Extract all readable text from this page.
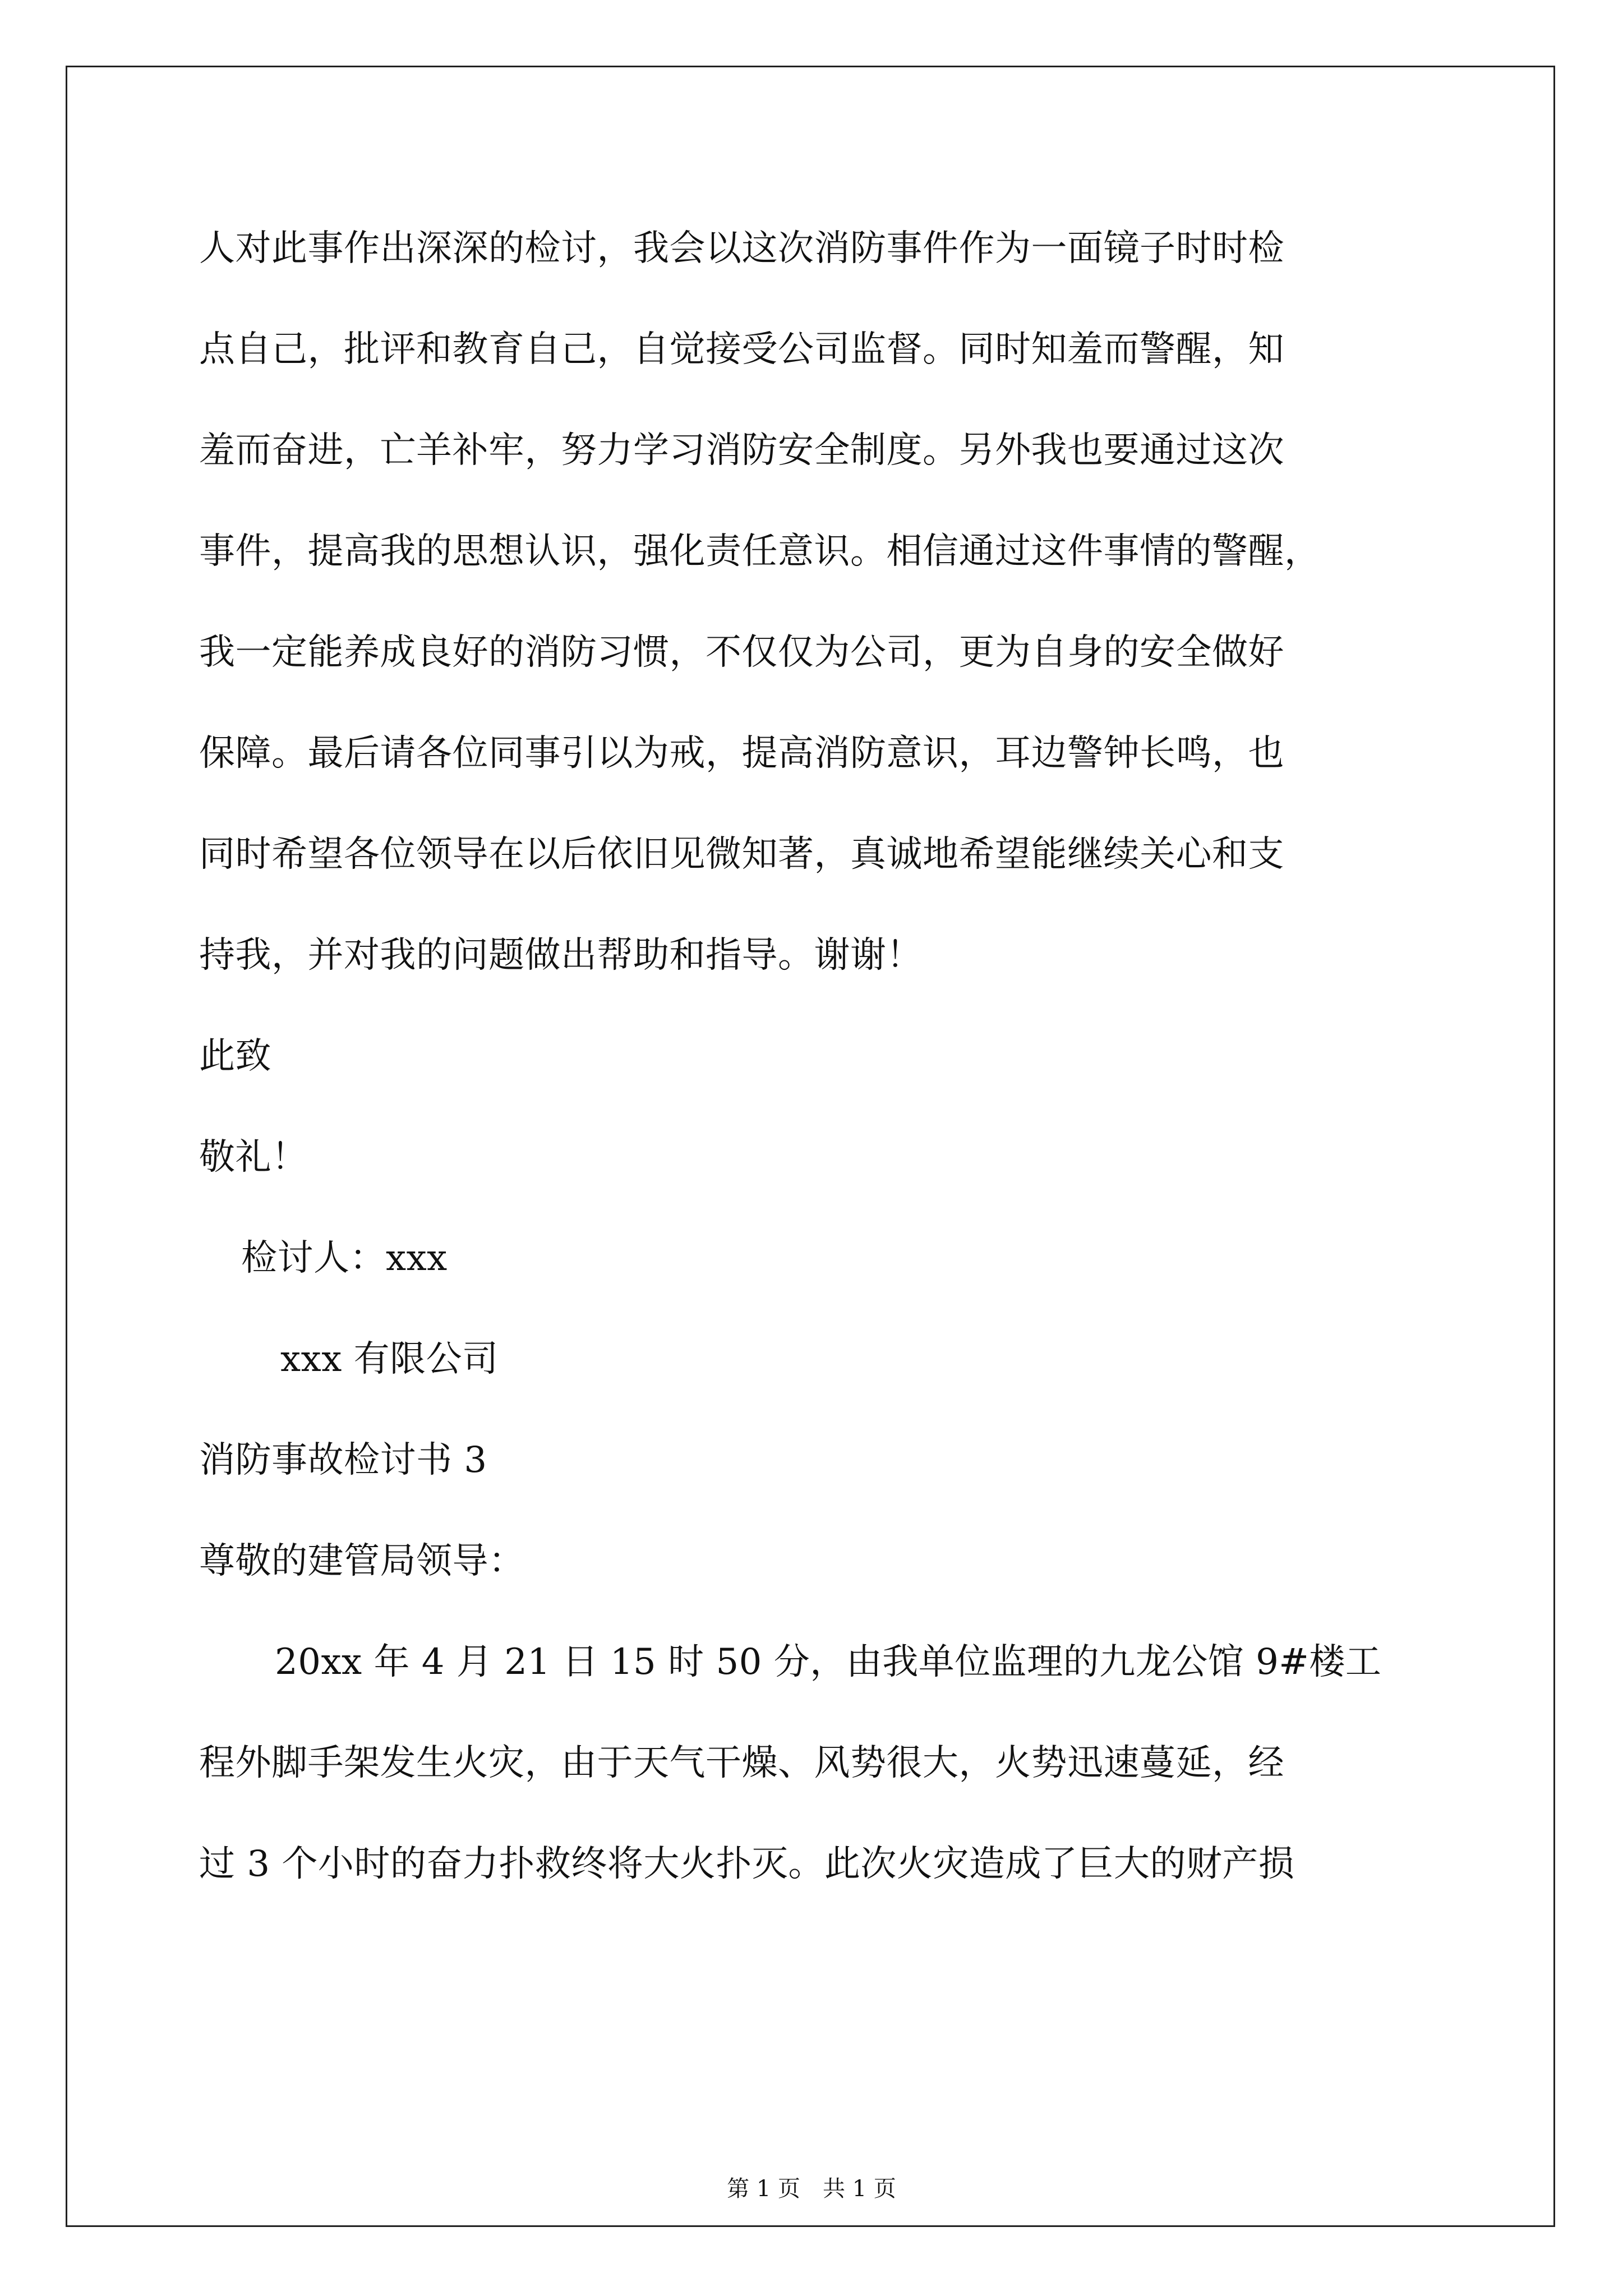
人对此事作出深深的检讨，我会以这次消防事件作为一面镜子时时检
点自己，批评和教育自己，自觉接受公司监督。同时知羞而警醒，知
羞而奋进，亡羊补牢，努力学习消防安全制度。另外我也要通过这次
事件，提高我的思想认识，强化责任意识。相信通过这件事情的警醒，
我一定能养成良好的消防习惯，不仅仅为公司，更为自身的安全做好
保障。最后请各位同事引以为戒，提高消防意识，耳边警钟长鸣，也
同时希望各位领导在以后依旧见微知著，真诚地希望能继续关心和支
持我，并对我的问题做出帮助和指导。谢谢！
此致
敬礼！
检讨人：xxx
xxx 有限公司
消防事故检讨书 3
尊敬的建管局领导：
20xx 年 4 月 21 日 15 时 50 分，由我单位监理的九龙公馆 9#楼工
程外脚手架发生火灾，由于天气干燥、风势很大，火势迅速蔓延，经
过 3 个小时的奋力扑救终将大火扑灭。此次火灾造成了巨大的财产损
第 1 页　共 1 页
